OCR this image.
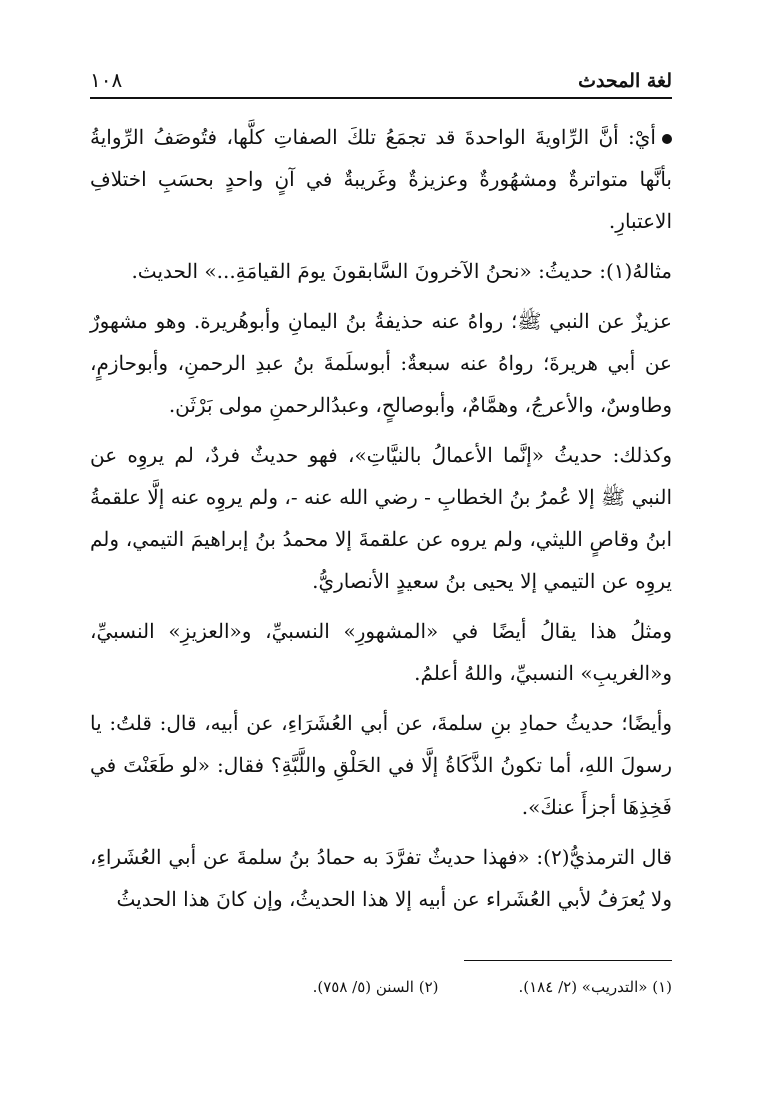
لغة المحدث
١٠٨

أيْ: أنَّ الرِّاويةَ الواحدةَ قد تجمَعُ تلكَ الصفاتِ كلَّها، فتُوصَفُ الرِّوايةُ بأنَّها متواترةٌ ومشهُورةٌ وعزيزةٌ وغَريبةٌ في آنٍ واحدٍ بحسَبِ اختلافِ الاعتبارِ.

مثالهُ(١): حديثُ: «نحنُ الآخرونَ السَّابقونَ يومَ القيامَةِ...» الحديث.

عزيزٌ عن النبي ﷺ؛ رواهُ عنه حذيفةُ بنُ اليمانِ وأبوهُريرة. وهو مشهورٌ عن أبي هريرةَ؛ رواهُ عنه سبعةٌ: أبوسلَمةَ بنُ عبدِ الرحمنِ، وأبوحازمٍ، وطاوسٌ، والأعرجُ، وهمَّامٌ، وأبوصالحٍ، وعبدُالرحمنِ مولى بَرْثَن.

وكذلك: حديثُ «إنَّما الأعمالُ بالنيَّاتِ»، فهو حديثٌ فردٌ، لم يروِه عن النبي ﷺ إلا عُمرُ بنُ الخطابِ - رضي الله عنه -، ولم يروِه عنه إلَّا علقمةُ ابنُ وقاصٍ الليثي، ولم يروه عن علقمةَ إلا محمدُ بنُ إبراهيمَ التيمي، ولم يروِه عن التيمي إلا يحيى بنُ سعيدٍ الأنصاريُّ.

ومثلُ هذا يقالُ أيضًا في «المشهورِ» النسبيِّ، و«العزيزِ» النسبيِّ، و«الغريبِ» النسبيِّ، واللهُ أعلمُ.

وأيضًا؛ حديثُ حمادِ بنِ سلمةَ، عن أبي العُشَرَاءِ، عن أبيه، قال: قلتُ: يا رسولَ اللهِ، أما تكونُ الذَّكَاةُ إلَّا في الحَلْقِ واللَّبَّةِ؟ فقال: «لو طَعَنْتَ في فَخِذِهَا أجزأَ عنكَ».

قال الترمذيُّ(٢): «فهذا حديثٌ تفرَّدَ به حمادُ بنُ سلمةَ عن أبي العُشَراءِ، ولا يُعرَفُ لأبي العُشَراء عن أبيه إلا هذا الحديثُ، وإن كانَ هذا الحديثُ

(١) «التدريب» (٢/ ١٨٤).
(٢) السنن (٥/ ٧٥٨).
